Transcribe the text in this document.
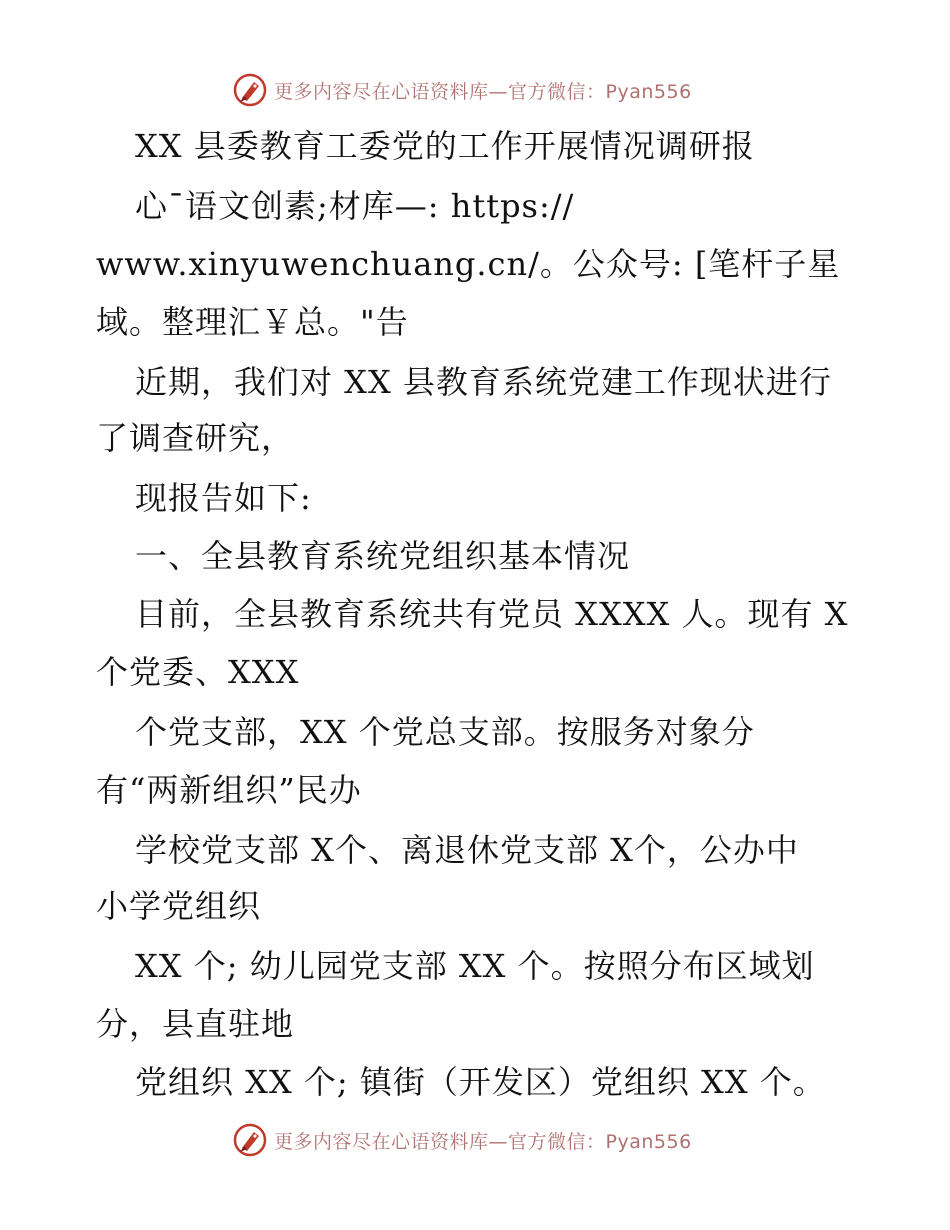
更多内容尽在心语资料库—官方微信：Pyan556
XX 县委教育工委党的工作开展情况调研报
心¯语文创素;材库—: https://
www.xinyuwenchuang.cn/。公众号: [笔杆子星
域。整理汇￥总。"告
近期，我们对 XX 县教育系统党建工作现状进行
了调查研究，
现报告如下:
一、全县教育系统党组织基本情况
目前，全县教育系统共有党员 XXXX 人。现有 X
个党委、XXX
个党支部，XX 个党总支部。按服务对象分
有“两新组织”民办
学校党支部 X个、离退休党支部 X个，公办中
小学党组织
XX 个; 幼儿园党支部 XX 个。按照分布区域划
分，县直驻地
党组织 XX 个; 镇街（开发区）党组织 XX 个。
更多内容尽在心语资料库—官方微信：Pyan556
